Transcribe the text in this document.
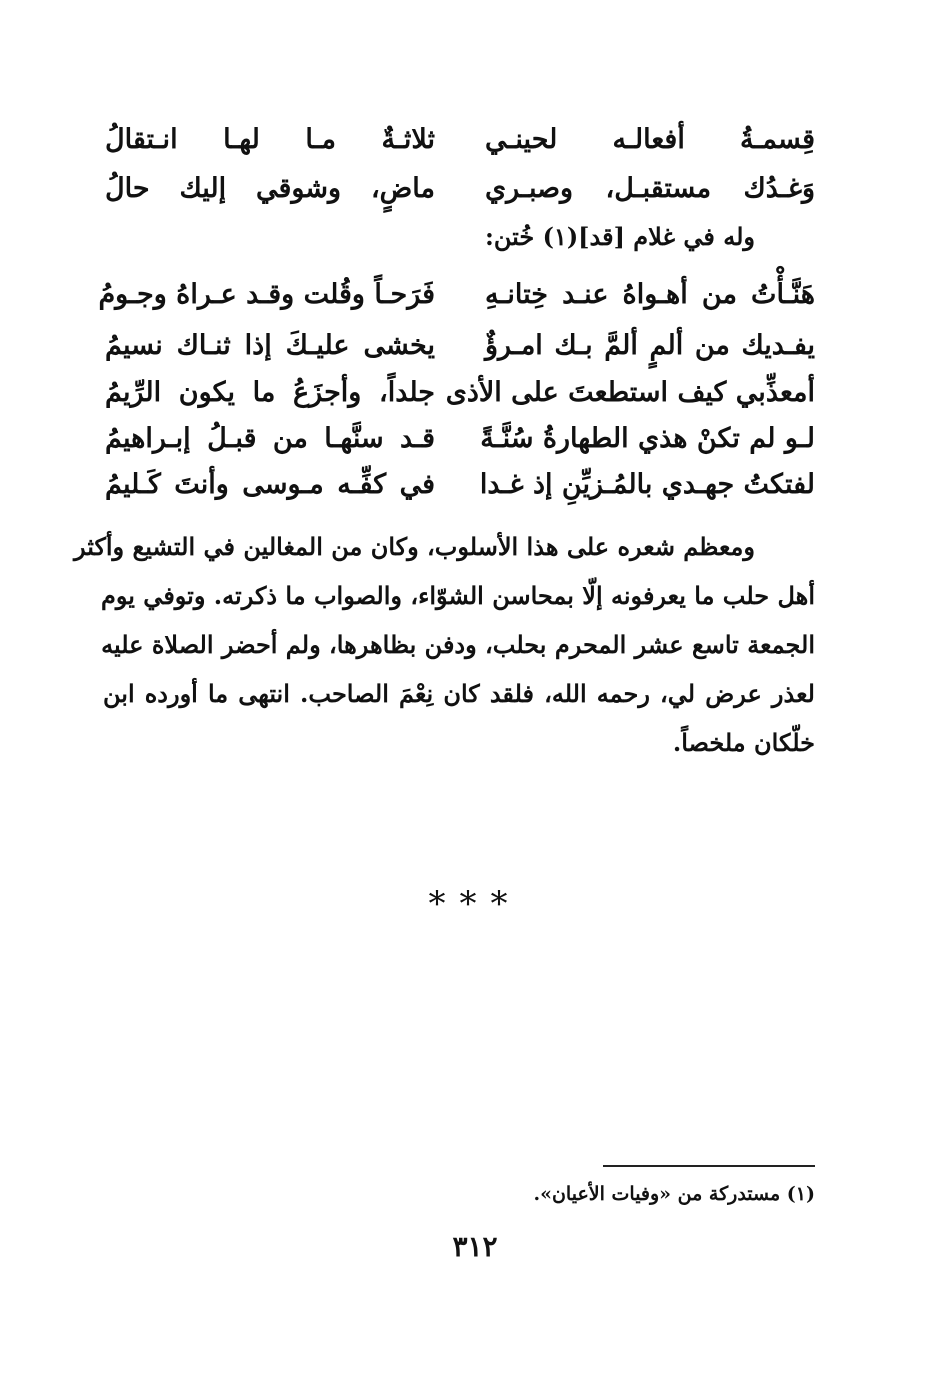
قِسمـةُ أفعالـه لحينـي
ثلاثـةٌ مـا لهـا انـتقالُ
وَغـدُك مستقبـل، وصبـري
ماضٍ، وشوقي إليك حالُ
وله في غلام [قد](١) خُتن:
هَنَّـأْتُ من أهـواهُ عنـد خِتانـهِ
فَرَحـاً وقُلت وقـد عـراهُ وجـومُ
يفـديك من ألمٍ ألمَّ بـك امـرؤٌ
يخشى عليـكَ إذا ثنـاك نسيمُ
أمعذِّبي كيف استطعتَ على الأذى
جلداً، وأجزَعُ ما يكون الرِّيمُ
لـو لم تكنْ هذي الطهارةُ سُنَّـةً
قـد سنَّهـا من قبـلُ إبـراهيمُ
لفتكتُ جهـدي بالمُـزيِّنِ إذ غـدا
في كفِّـه مـوسى وأنتَ كَـليمُ
ومعظم شعره على هذا الأسلوب، وكان من المغالين في التشيع وأكثر
أهل حلب ما يعرفونه إلّا بمحاسن الشوّاء، والصواب ما ذكرته. وتوفي يوم
الجمعة تاسع عشر المحرم بحلب، ودفن بظاهرها، ولم أحضر الصلاة عليه
لعذر عرض لي، رحمه الله، فلقد كان نِعْمَ الصاحب. انتهى ما أورده ابن
خلّكان ملخصاً.
***
(١) مستدركة من «وفيات الأعيان».
٣١٢
